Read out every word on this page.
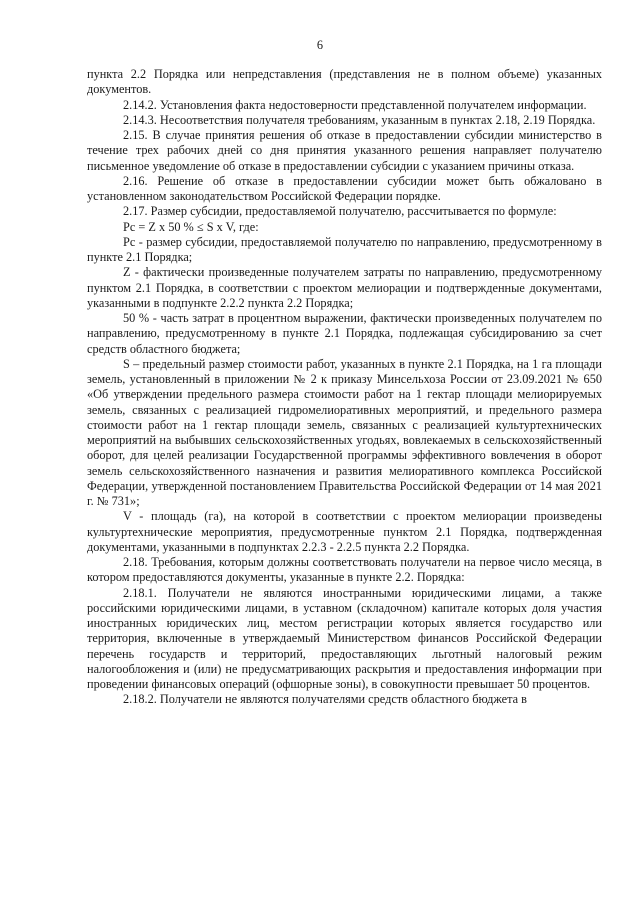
6

пункта 2.2 Порядка или непредставления (представления не в полном объеме) указанных документов.

2.14.2. Установления факта недостоверности представленной получателем информации.

2.14.3. Несоответствия получателя требованиям, указанным в пунктах 2.18, 2.19 Порядка.

2.15. В случае принятия решения об отказе в предоставлении субсидии министерство в течение трех рабочих дней со дня принятия указанного решения направляет получателю письменное уведомление об отказе в предоставлении субсидии с указанием причины отказа.

2.16. Решение об отказе в предоставлении субсидии может быть обжаловано в установленном законодательством Российской Федерации порядке.

2.17. Размер субсидии, предоставляемой получателю, рассчитывается по формуле:

Pс = Z x 50 % ≤ S x V, где:

Pс - размер субсидии, предоставляемой получателю по направлению, предусмотренному в пункте 2.1 Порядка;

Z - фактически произведенные получателем затраты по направлению, предусмотренному пунктом 2.1 Порядка, в соответствии с проектом мелиорации и подтвержденные документами, указанными в подпункте 2.2.2 пункта 2.2 Порядка;

50 % - часть затрат в процентном выражении, фактически произведенных получателем по направлению, предусмотренному в пункте 2.1 Порядка, подлежащая субсидированию за счет средств областного бюджета;

S – предельный размер стоимости работ, указанных в пункте 2.1 Порядка, на 1 га площади земель, установленный в приложении № 2 к приказу Минсельхоза России от 23.09.2021 № 650 «Об утверждении предельного размера стоимости работ на 1 гектар площади мелиорируемых земель, связанных с реализацией гидромелиоративных мероприятий, и предельного размера стоимости работ на 1 гектар площади земель, связанных с реализацией культуртехнических мероприятий на выбывших сельскохозяйственных угодьях, вовлекаемых в сельскохозяйственный оборот, для целей реализации Государственной программы эффективного вовлечения в оборот земель сельскохозяйственного назначения и развития мелиоративного комплекса Российской Федерации, утвержденной постановлением Правительства Российской Федерации от 14 мая 2021 г. № 731»;

V - площадь (га), на которой в соответствии с проектом мелиорации произведены культуртехнические мероприятия, предусмотренные пунктом 2.1 Порядка, подтвержденная документами, указанными в подпунктах 2.2.3 - 2.2.5 пункта 2.2 Порядка.

2.18. Требования, которым должны соответствовать получатели на первое число месяца, в котором предоставляются документы, указанные в пункте 2.2. Порядка:

2.18.1. Получатели не являются иностранными юридическими лицами, а также российскими юридическими лицами, в уставном (складочном) капитале которых доля участия иностранных юридических лиц, местом регистрации которых является государство или территория, включенные в утверждаемый Министерством финансов Российской Федерации перечень государств и территорий, предоставляющих льготный налоговый режим налогообложения и (или) не предусматривающих раскрытия и предоставления информации при проведении финансовых операций (офшорные зоны), в совокупности превышает 50 процентов.

2.18.2. Получатели не являются получателями средств областного бюджета в
